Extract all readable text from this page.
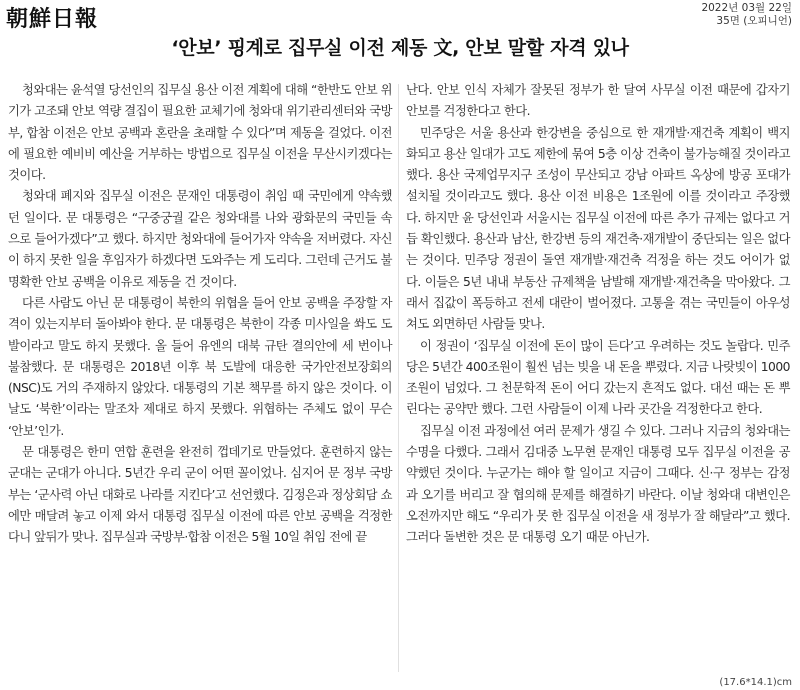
朝鮮日報	2022년 03월 22일
35면 (오피니언)
‘안보’ 핑계로 집무실 이전 제동 文, 안보 말할 자격 있나

청와대는 윤석열 당선인의 집무실 용산 이전 계획에 대해 “한반도 안보 위기가 고조돼 안보 역량 결집이 필요한 교체기에 청와대 위기관리센터와 국방부, 합참 이전은 안보 공백과 혼란을 초래할 수 있다”며 제동을 걸었다. 이전에 필요한 예비비 예산을 거부하는 방법으로 집무실 이전을 무산시키겠다는 것이다.

청와대 폐지와 집무실 이전은 문재인 대통령이 취임 때 국민에게 약속했던 일이다. 문 대통령은 “구중궁궐 같은 청와대를 나와 광화문의 국민들 속으로 들어가겠다”고 했다. 하지만 청와대에 들어가자 약속을 저버렸다. 자신이 하지 못한 일을 후임자가 하겠다면 도와주는 게 도리다. 그런데 근거도 불명확한 안보 공백을 이유로 제동을 건 것이다.

다른 사람도 아닌 문 대통령이 북한의 위협을 들어 안보 공백을 주장할 자격이 있는지부터 돌아봐야 한다. 문 대통령은 북한이 각종 미사일을 쏴도 도발이라고 말도 하지 못했다. 올 들어 유엔의 대북 규탄 결의안에 세 번이나 불참했다. 문 대통령은 2018년 이후 북 도발에 대응한 국가안전보장회의(NSC)도 거의 주재하지 않았다. 대통령의 기본 책무를 하지 않은 것이다. 이날도 ‘북한’이라는 말조차 제대로 하지 못했다. 위협하는 주체도 없이 무슨 ‘안보’인가.

문 대통령은 한미 연합 훈련을 완전히 껍데기로 만들었다. 훈련하지 않는 군대는 군대가 아니다. 5년간 우리 군이 어떤 꼴이었나. 심지어 문 정부 국방부는 ‘군사력 아닌 대화로 나라를 지킨다’고 선언했다. 김정은과 정상회담 쇼에만 매달려 놓고 이제 와서 대통령 집무실 이전에 따른 안보 공백을 걱정한다니 앞뒤가 맞나. 집무실과 국방부·합참 이전은 5월 10일 취임 전에 끝

난다. 안보 인식 자체가 잘못된 정부가 한 달여 사무실 이전 때문에 갑자기 안보를 걱정한다고 한다.

민주당은 서울 용산과 한강변을 중심으로 한 재개발·재건축 계획이 백지화되고 용산 일대가 고도 제한에 묶여 5층 이상 건축이 불가능해질 것이라고 했다. 용산 국제업무지구 조성이 무산되고 강남 아파트 옥상에 방공 포대가 설치될 것이라고도 했다. 용산 이전 비용은 1조원에 이를 것이라고 주장했다. 하지만 윤 당선인과 서울시는 집무실 이전에 따른 추가 규제는 없다고 거듭 확인했다. 용산과 남산, 한강변 등의 재건축·재개발이 중단되는 일은 없다는 것이다. 민주당 정권이 돌연 재개발·재건축 걱정을 하는 것도 어이가 없다. 이들은 5년 내내 부동산 규제책을 남발해 재개발·재건축을 막아왔다. 그래서 집값이 폭등하고 전세 대란이 벌어졌다. 고통을 겪는 국민들이 아우성쳐도 외면하던 사람들 맞나.

이 정권이 ‘집무실 이전에 돈이 많이 든다’고 우려하는 것도 놀랍다. 민주당은 5년간 400조원이 훨씬 넘는 빚을 내 돈을 뿌렸다. 지금 나랏빚이 1000조원이 넘었다. 그 천문학적 돈이 어디 갔는지 흔적도 없다. 대선 때는 돈 뿌린다는 공약만 했다. 그런 사람들이 이제 나라 곳간을 걱정한다고 한다.

집무실 이전 과정에선 여러 문제가 생길 수 있다. 그러나 지금의 청와대는 수명을 다했다. 그래서 김대중 노무현 문재인 대통령 모두 집무실 이전을 공약했던 것이다. 누군가는 해야 할 일이고 지금이 그때다. 신·구 정부는 감정과 오기를 버리고 잘 협의해 문제를 해결하기 바란다. 이날 청와대 대변인은 오전까지만 해도 “우리가 못 한 집무실 이전을 새 정부가 잘 해달라”고 했다. 그러다 돌변한 것은 문 대통령 오기 때문 아닌가.

(17.6*14.1)cm
